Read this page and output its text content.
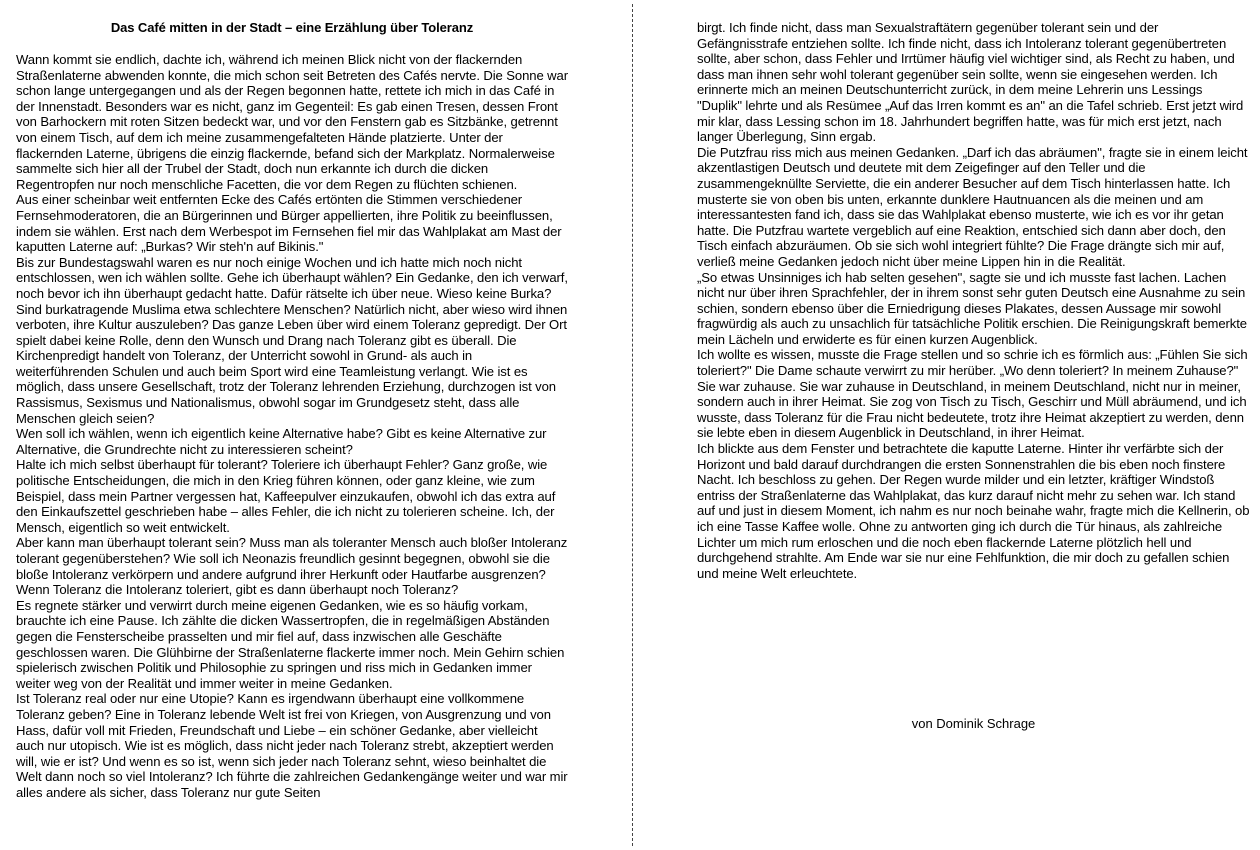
Das Café mitten in der Stadt – eine Erzählung über Toleranz

Wann kommt sie endlich, dachte ich, während ich meinen Blick nicht von der flackernden Straßenlaterne abwenden konnte, die mich schon seit Betreten des Cafés nervte. Die Sonne war schon lange untergegangen und als der Regen begonnen hatte, rettete ich mich in das Café in der Innenstadt. Besonders war es nicht, ganz im Gegenteil: Es gab einen Tresen, dessen Front von Barhockern mit roten Sitzen bedeckt war, und vor den Fenstern gab es Sitzbänke, getrennt von einem Tisch, auf dem ich meine zusammengefalteten Hände platzierte. Unter der flackernden Laterne, übrigens die einzig flackernde, befand sich der Markplatz. Normalerweise sammelte sich hier all der Trubel der Stadt, doch nun erkannte ich durch die dicken Regentropfen nur noch menschliche Facetten, die vor dem Regen zu flüchten schienen.

Aus einer scheinbar weit entfernten Ecke des Cafés ertönten die Stimmen verschiedener Fernsehmoderatoren, die an Bürgerinnen und Bürger appellierten, ihre Politik zu beeinflussen, indem sie wählen. Erst nach dem Werbespot im Fernsehen fiel mir das Wahlplakat am Mast der kaputten Laterne auf: „Burkas? Wir steh'n auf Bikinis."

Bis zur Bundestagswahl waren es nur noch einige Wochen und ich hatte mich noch nicht entschlossen, wen ich wählen sollte. Gehe ich überhaupt wählen? Ein Gedanke, den ich verwarf, noch bevor ich ihn überhaupt gedacht hatte. Dafür rätselte ich über neue. Wieso keine Burka? Sind burkatragende Muslima etwa schlechtere Menschen? Natürlich nicht, aber wieso wird ihnen verboten, ihre Kultur auszuleben? Das ganze Leben über wird einem Toleranz gepredigt. Der Ort spielt dabei keine Rolle, denn den Wunsch und Drang nach Toleranz gibt es überall. Die Kirchenpredigt handelt von Toleranz, der Unterricht sowohl in Grund- als auch in weiterführenden Schulen und auch beim Sport wird eine Teamleistung verlangt. Wie ist es möglich, dass unsere Gesellschaft, trotz der Toleranz lehrenden Erziehung, durchzogen ist von Rassismus, Sexismus und Nationalismus, obwohl sogar im Grundgesetz steht, dass alle Menschen gleich seien?

Wen soll ich wählen, wenn ich eigentlich keine Alternative habe? Gibt es keine Alternative zur Alternative, die Grundrechte nicht zu interessieren scheint?

Halte ich mich selbst überhaupt für tolerant? Toleriere ich überhaupt Fehler? Ganz große, wie politische Entscheidungen, die mich in den Krieg führen können, oder ganz kleine, wie zum Beispiel, dass mein Partner vergessen hat, Kaffeepulver einzukaufen, obwohl ich das extra auf den Einkaufszettel geschrieben habe – alles Fehler, die ich nicht zu tolerieren scheine. Ich, der Mensch, eigentlich so weit entwickelt.

Aber kann man überhaupt tolerant sein? Muss man als toleranter Mensch auch bloßer Intoleranz tolerant gegenüberstehen? Wie soll ich Neonazis freundlich gesinnt begegnen, obwohl sie die bloße Intoleranz verkörpern und andere aufgrund ihrer Herkunft oder Hautfarbe ausgrenzen?

Wenn Toleranz die Intoleranz toleriert, gibt es dann überhaupt noch Toleranz?

Es regnete stärker und verwirrt durch meine eigenen Gedanken, wie es so häufig vorkam, brauchte ich eine Pause. Ich zählte die dicken Wassertropfen, die in regelmäßigen Abständen gegen die Fensterscheibe prasselten und mir fiel auf, dass inzwischen alle Geschäfte geschlossen waren. Die Glühbirne der Straßenlaterne flackerte immer noch. Mein Gehirn schien spielerisch zwischen Politik und Philosophie zu springen und riss mich in Gedanken immer weiter weg von der Realität und immer weiter in meine Gedanken.

Ist Toleranz real oder nur eine Utopie? Kann es irgendwann überhaupt eine vollkommene Toleranz geben? Eine in Toleranz lebende Welt ist frei von Kriegen, von Ausgrenzung und von Hass, dafür voll mit Frieden, Freundschaft und Liebe – ein schöner Gedanke, aber vielleicht auch nur utopisch. Wie ist es möglich, dass nicht jeder nach Toleranz strebt, akzeptiert werden will, wie er ist? Und wenn es so ist, wenn sich jeder nach Toleranz sehnt, wieso beinhaltet die Welt dann noch so viel Intoleranz? Ich führte die zahlreichen Gedankengänge weiter und war mir alles andere als sicher, dass Toleranz nur gute Seiten

birgt. Ich finde nicht, dass man Sexualstraftätern gegenüber tolerant sein und der Gefängnisstrafe entziehen sollte. Ich finde nicht, dass ich Intoleranz tolerant gegenübertreten sollte, aber schon, dass Fehler und Irrtümer häufig viel wichtiger sind, als Recht zu haben, und dass man ihnen sehr wohl tolerant gegenüber sein sollte, wenn sie eingesehen werden. Ich erinnerte mich an meinen Deutschunterricht zurück, in dem meine Lehrerin uns Lessings "Duplik" lehrte und als Resümee „Auf das Irren kommt es an" an die Tafel schrieb. Erst jetzt wird mir klar, dass Lessing schon im 18. Jahrhundert begriffen hatte, was für mich erst jetzt, nach langer Überlegung, Sinn ergab.

Die Putzfrau riss mich aus meinen Gedanken. „Darf ich das abräumen", fragte sie in einem leicht akzentlastigen Deutsch und deutete mit dem Zeigefinger auf den Teller und die zusammengeknüllte Serviette, die ein anderer Besucher auf dem Tisch hinterlassen hatte. Ich musterte sie von oben bis unten, erkannte dunklere Hautnuancen als die meinen und am interessantesten fand ich, dass sie das Wahlplakat ebenso musterte, wie ich es vor ihr getan hatte. Die Putzfrau wartete vergeblich auf eine Reaktion, entschied sich dann aber doch, den Tisch einfach abzuräumen. Ob sie sich wohl integriert fühlte? Die Frage drängte sich mir auf, verließ meine Gedanken jedoch nicht über meine Lippen hin in die Realität.

„So etwas Unsinniges ich hab selten gesehen", sagte sie und ich musste fast lachen. Lachen nicht nur über ihren Sprachfehler, der in ihrem sonst sehr guten Deutsch eine Ausnahme zu sein schien, sondern ebenso über die Erniedrigung dieses Plakates, dessen Aussage mir sowohl fragwürdig als auch zu unsachlich für tatsächliche Politik erschien. Die Reinigungskraft bemerkte mein Lächeln und erwiderte es für einen kurzen Augenblick.

Ich wollte es wissen, musste die Frage stellen und so schrie ich es förmlich aus: „Fühlen Sie sich toleriert?" Die Dame schaute verwirrt zu mir herüber. „Wo denn toleriert? In meinem Zuhause?" Sie war zuhause. Sie war zuhause in Deutschland, in meinem Deutschland, nicht nur in meiner, sondern auch in ihrer Heimat. Sie zog von Tisch zu Tisch, Geschirr und Müll abräumend, und ich wusste, dass Toleranz für die Frau nicht bedeutete, trotz ihre Heimat akzeptiert zu werden, denn sie lebte eben in diesem Augenblick in Deutschland, in ihrer Heimat.

Ich blickte aus dem Fenster und betrachtete die kaputte Laterne. Hinter ihr verfärbte sich der Horizont und bald darauf durchdrangen die ersten Sonnenstrahlen die bis eben noch finstere Nacht. Ich beschloss zu gehen. Der Regen wurde milder und ein letzter, kräftiger Windstoß entriss der Straßenlaterne das Wahlplakat, das kurz darauf nicht mehr zu sehen war. Ich stand auf und just in diesem Moment, ich nahm es nur noch beinahe wahr, fragte mich die Kellnerin, ob ich eine Tasse Kaffee wolle. Ohne zu antworten ging ich durch die Tür hinaus, als zahlreiche Lichter um mich rum erloschen und die noch eben flackernde Laterne plötzlich hell und durchgehend strahlte. Am Ende war sie nur eine Fehlfunktion, die mir doch zu gefallen schien und meine Welt erleuchtete.

von Dominik Schrage
